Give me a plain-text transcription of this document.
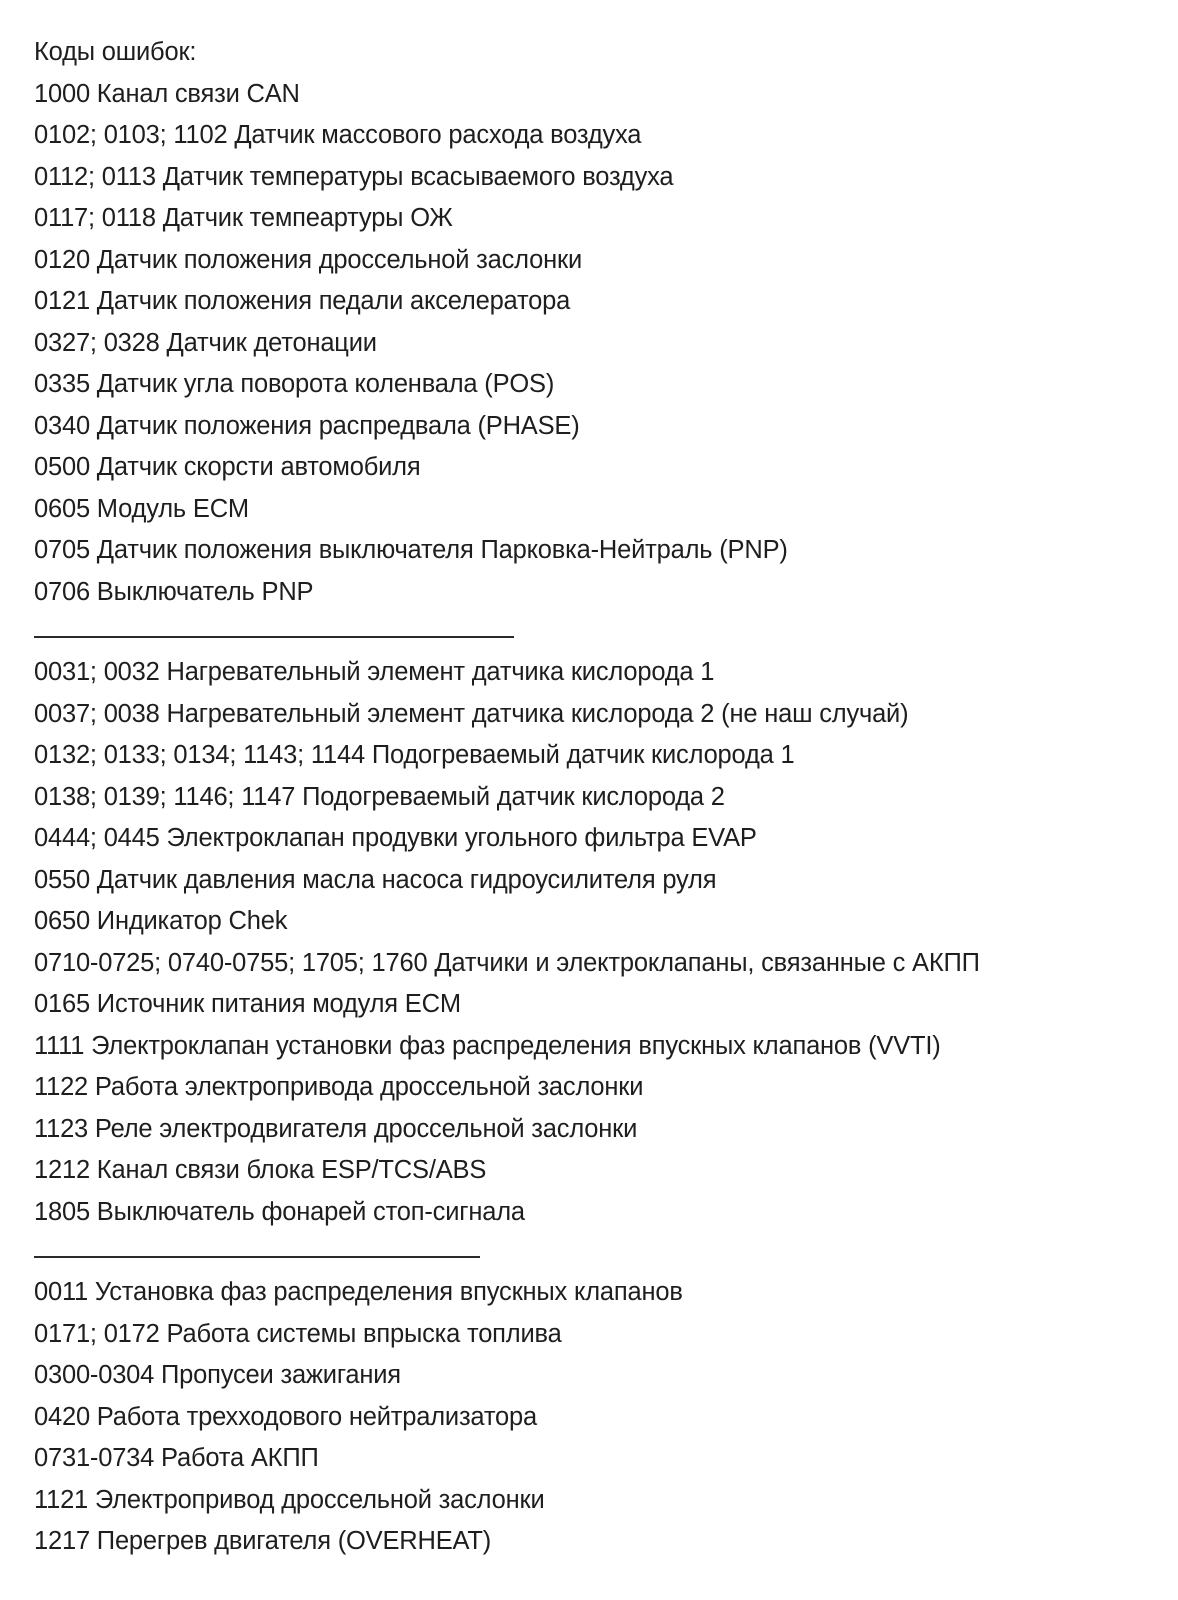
Коды ошибок:
1000 Канал связи CAN
0102; 0103; 1102 Датчик массового расхода воздуха
0112; 0113 Датчик температуры всасываемого воздуха
0117; 0118 Датчик темпеартуры ОЖ
0120 Датчик положения дроссельной заслонки
0121 Датчик положения педали акселератора
0327; 0328 Датчик детонации
0335 Датчик угла поворота коленвала (POS)
0340 Датчик положения распредвала (PHASE)
0500 Датчик скорсти автомобиля
0605 Модуль ECM
0705 Датчик положения выключателя Парковка-Нейтраль (PNP)
0706 Выключатель PNP
0031; 0032 Нагревательный элемент датчика кислорода 1
0037; 0038 Нагревательный элемент датчика кислорода 2 (не наш случай)
0132; 0133; 0134; 1143; 1144 Подогреваемый датчик кислорода 1
0138; 0139; 1146; 1147 Подогреваемый датчик кислорода 2
0444; 0445 Электроклапан продувки угольного фильтра EVAP
0550 Датчик давления масла насоса гидроусилителя руля
0650 Индикатор Chek
0710-0725; 0740-0755; 1705; 1760 Датчики и электроклапаны, связанные с АКПП
0165 Источник питания модуля ECM
1111 Электроклапан установки фаз распределения впускных клапанов (VVTI)
1122 Работа электропривода дроссельной заслонки
1123 Реле электродвигателя дроссельной заслонки
1212 Канал связи блока ESP/TCS/ABS
1805 Выключатель фонарей стоп-сигнала
0011 Установка фаз распределения впускных клапанов
0171; 0172 Работа системы впрыска топлива
0300-0304 Пропусеи зажигания
0420 Работа трехходового нейтрализатора
0731-0734 Работа АКПП
1121 Электропривод дроссельной заслонки
1217 Перегрев двигателя (OVERHEAT)
